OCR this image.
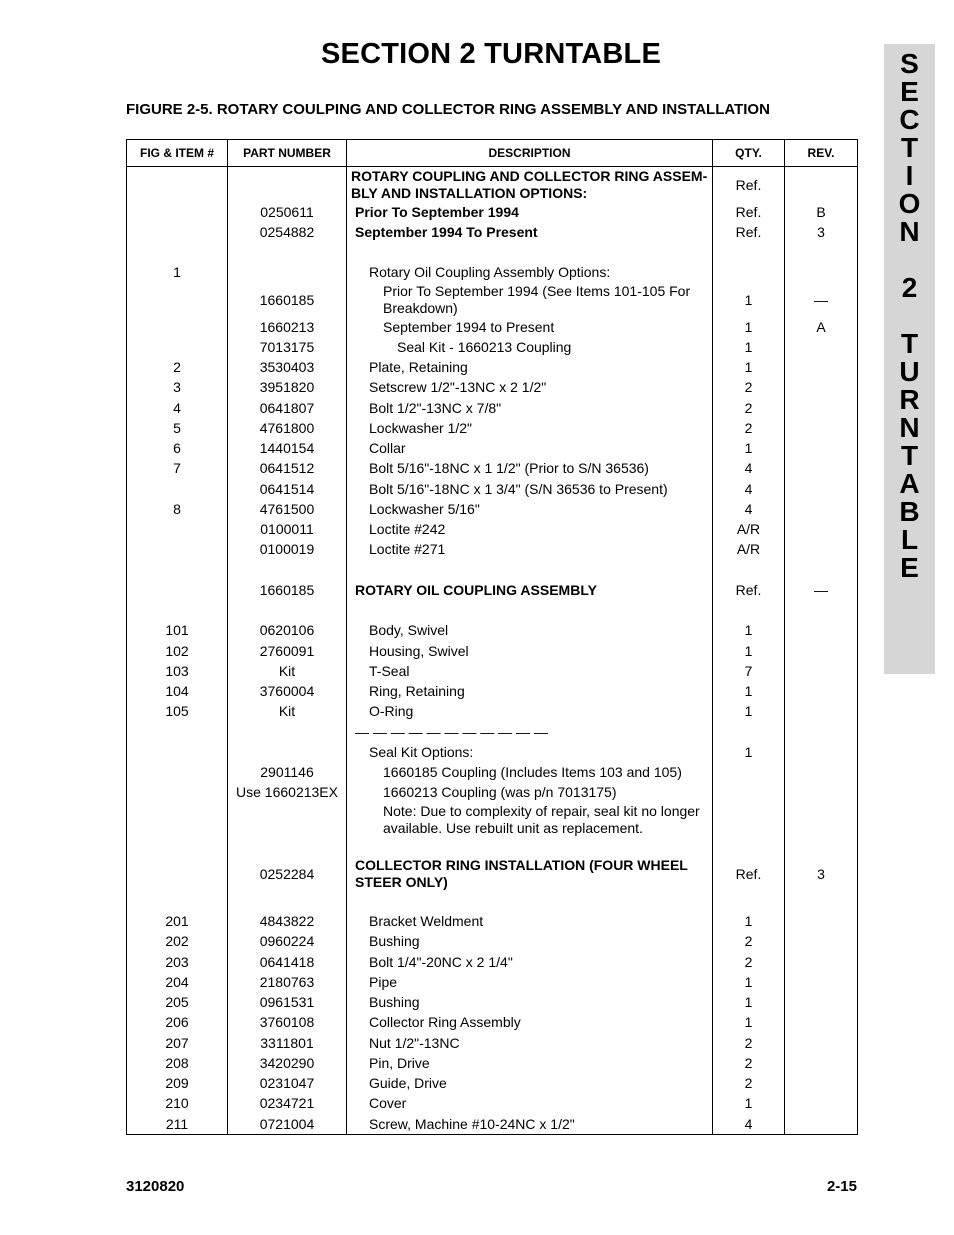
SECTION 2 TURNTABLE
FIGURE 2-5. ROTARY COULPING AND COLLECTOR RING ASSEMBLY AND INSTALLATION
S
E
C
T
I
O
N
2
T
U
R
N
T
A
B
L
E
FIG & ITEM #	PART NUMBER	DESCRIPTION	QTY.	REV.

		ROTARY COUPLING AND COLLECTOR RING ASSEM-BLY AND INSTALLATION OPTIONS:	Ref.	
	0250611	Prior To September 1994	Ref.	B
	0254882	September 1994 To Present	Ref.	3

1		Rotary Oil Coupling Assembly Options:		

	1660185	Prior To September 1994 (See Items 101-105 For Breakdown)	1	—
	1660213	September 1994 to Present	1	A
	7013175	Seal Kit - 1660213 Coupling	1	
2	3530403	Plate, Retaining	1	
3	3951820	Setscrew 1/2"-13NC x 2 1/2"	2	
4	0641807	Bolt 1/2"-13NC x 7/8"	2	
5	4761800	Lockwasher 1/2"	2	
6	1440154	Collar	1	
7	0641512	Bolt 5/16"-18NC x 1 1/2" (Prior to S/N 36536)	4	
	0641514	Bolt 5/16"-18NC x 1 3/4" (S/N 36536 to Present)	4	
8	4761500	Lockwasher 5/16"	4	
	0100011	Loctite #242	A/R	
	0100019	Loctite #271	A/R	

	1660185	ROTARY OIL COUPLING ASSEMBLY	Ref.	—

101	0620106	Body, Swivel	1	
102	2760091	Housing, Swivel	1	
103	Kit	T-Seal	7	
104	3760004	Ring, Retaining	1	
105	Kit	O-Ring	1	

		— — — — — — — — — — —		

		Seal Kit Options:	1	
	2901146	1660185 Coupling (Includes Items 103 and 105)		

	Use 1660213EX	1660213 Coupling (was p/n 7013175)		

		Note: Due to complexity of repair, seal kit no longer available. Use rebuilt unit as replacement.		

	0252284	COLLECTOR RING INSTALLATION (FOUR WHEEL STEER ONLY)	Ref.	3

201	4843822	Bracket Weldment	1	
202	0960224	Bushing	2	
203	0641418	Bolt 1/4"-20NC x 2 1/4"	2	
204	2180763	Pipe	1	
205	0961531	Bushing	1	
206	3760108	Collector Ring Assembly	1	
207	3311801	Nut 1/2"-13NC	2	
208	3420290	Pin, Drive	2	
209	0231047	Guide, Drive	2	
210	0234721	Cover	1	
211	0721004	Screw, Machine #10-24NC x 1/2"	4	
3120820	2-15
